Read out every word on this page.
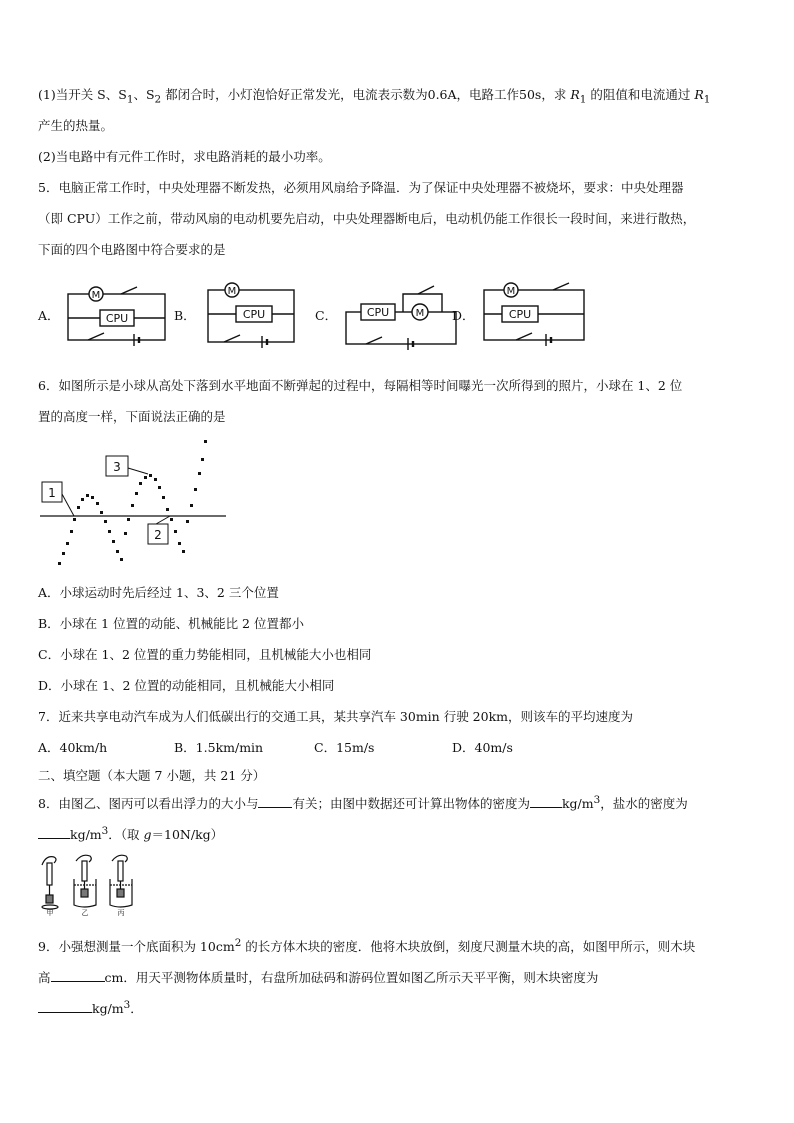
(1)当开关 S、$S_1$、$S_2$ 都闭合时，小灯泡恰好正常发光，电流表示数为0.6A，电路工作50s，求 $R_1$ 的阻值和电流通过 $R_1$
产生的热量。
(2)当电路中有元件工作时，求电路消耗的最小功率。
5．电脑正常工作时，中央处理器不断发热，必须用风扇给予降温．为了保证中央处理器不被烧坏，要求：中央处理器
（即 CPU）工作之前，带动风扇的电动机要先启动，中央处理器断电后，电动机仍能工作很长一段时间，来进行散热，
下面的四个电路图中符合要求的是
CPU
M
CPU
M
CPU	M	CPU
M
A．	B．	C．	D．
6．如图所示是小球从高处下落到水平地面不断弹起的过程中，每隔相等时间曝光一次所得到的照片，小球在 1、2 位
置的高度一样，下面说法正确的是
1
2
3
A．小球运动时先后经过 1、3、2 三个位置
B．小球在 1 位置的动能、机械能比 2 位置都小
C．小球在 1、2 位置的重力势能相同，且机械能大小也相同
D．小球在 1、2 位置的动能相同，且机械能大小相同
7．近来共享电动汽车成为人们低碳出行的交通工具，某共享汽车 30min 行驶 20km，则该车的平均速度为
A．40km/h	B．1.5km/min	C．15m/s	D．40m/s
二、填空题（本大题 7 小题，共 21 分）
8．由图乙、图丙可以看出浮力的大小与	有关；由图中数据还可计算出物体的密度为	$kg/m^3$，盐水的密度为
$kg/m^3$．（取 g＝10N/kg）
甲	乙	丙
9．小强想测量一个底面积为 $10cm^2$ 的长方体木块的密度．他将木块放倒，刻度尺测量木块的高，如图甲所示，则木块
高	cm．用天平测物体质量时，右盘所加砝码和游码位置如图乙所示天平平衡，则木块密度为
$kg/m^3$．
